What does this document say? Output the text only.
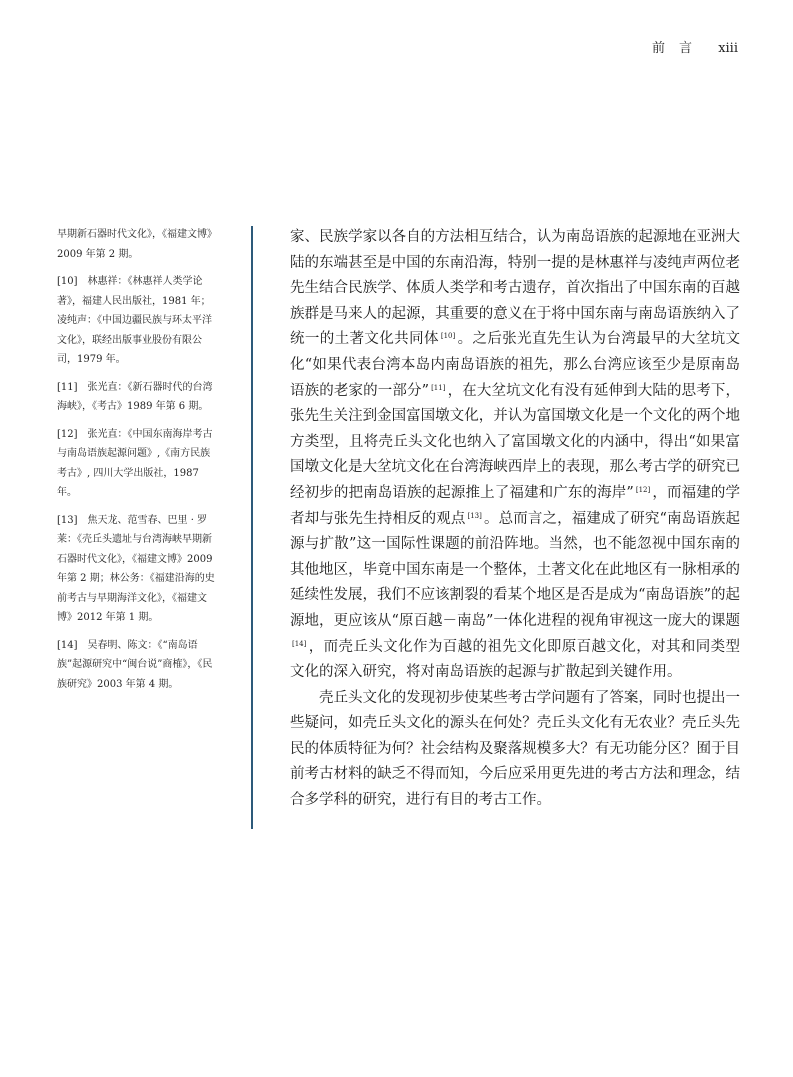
前言 xiii

早期新石器时代文化》，《福建文博》2009 年第 2 期。

[10]　林惠祥：《林惠祥人类学论著》，福建人民出版社，1981 年；凌纯声：《中国边疆民族与环太平洋文化》，联经出版事业股份有限公司，1979 年。

[11]　张光直：《新石器时代的台湾海峡》，《考古》1989 年第 6 期。

[12]　张光直：《中国东南海岸考古与南岛语族起源问题》,《南方民族考古》, 四川大学出版社，1987 年。

[13]　焦天龙、范雪春、巴里 · 罗莱：《壳丘头遗址与台湾海峡早期新石器时代文化》，《福建文博》2009 年第 2 期；林公务：《福建沿海的史前考古与早期海洋文化》，《福建文博》2012 年第 1 期。

[14]　吴春明、陈文：《“南岛语族”起源研究中“闽台说”商榷》，《民族研究》2003 年第 4 期。

家、民族学家以各自的方法相互结合，认为南岛语族的起源地在亚洲大陆的东端甚至是中国的东南沿海，特别一提的是林惠祥与凌纯声两位老先生结合民族学、体质人类学和考古遗存，首次指出了中国东南的百越族群是马来人的起源，其重要的意义在于将中国东南与南岛语族纳入了统一的土著文化共同体 [10] 。之后张光直先生认为台湾最早的大坌坑文化“如果代表台湾本岛内南岛语族的祖先，那么台湾应该至少是原南岛语族的老家的一部分” [11] ，在大坌坑文化有没有延伸到大陆的思考下，张先生关注到金国富国墩文化，并认为富国墩文化是一个文化的两个地方类型，且将壳丘头文化也纳入了富国墩文化的内涵中，得出“如果富国墩文化是大坌坑文化在台湾海峡西岸上的表现，那么考古学的研究已经初步的把南岛语族的起源推上了福建和广东的海岸” [12] ，而福建的学者却与张先生持相反的观点 [13] 。总而言之，福建成了研究“南岛语族起源与扩散”这一国际性课题的前沿阵地。当然，也不能忽视中国东南的其他地区，毕竟中国东南是一个整体，土著文化在此地区有一脉相承的延续性发展，我们不应该割裂的看某个地区是否是成为“南岛语族”的起源地，更应该从“原百越－南岛”一体化进程的视角审视这一庞大的课题[14] ，而壳丘头文化作为百越的祖先文化即原百越文化，对其和同类型文化的深入研究，将对南岛语族的起源与扩散起到关键作用。

壳丘头文化的发现初步使某些考古学问题有了答案，同时也提出一些疑问，如壳丘头文化的源头在何处？壳丘头文化有无农业？壳丘头先民的体质特征为何？社会结构及聚落规模多大？有无功能分区？囿于目前考古材料的缺乏不得而知，今后应采用更先进的考古方法和理念，结合多学科的研究，进行有目的考古工作。
